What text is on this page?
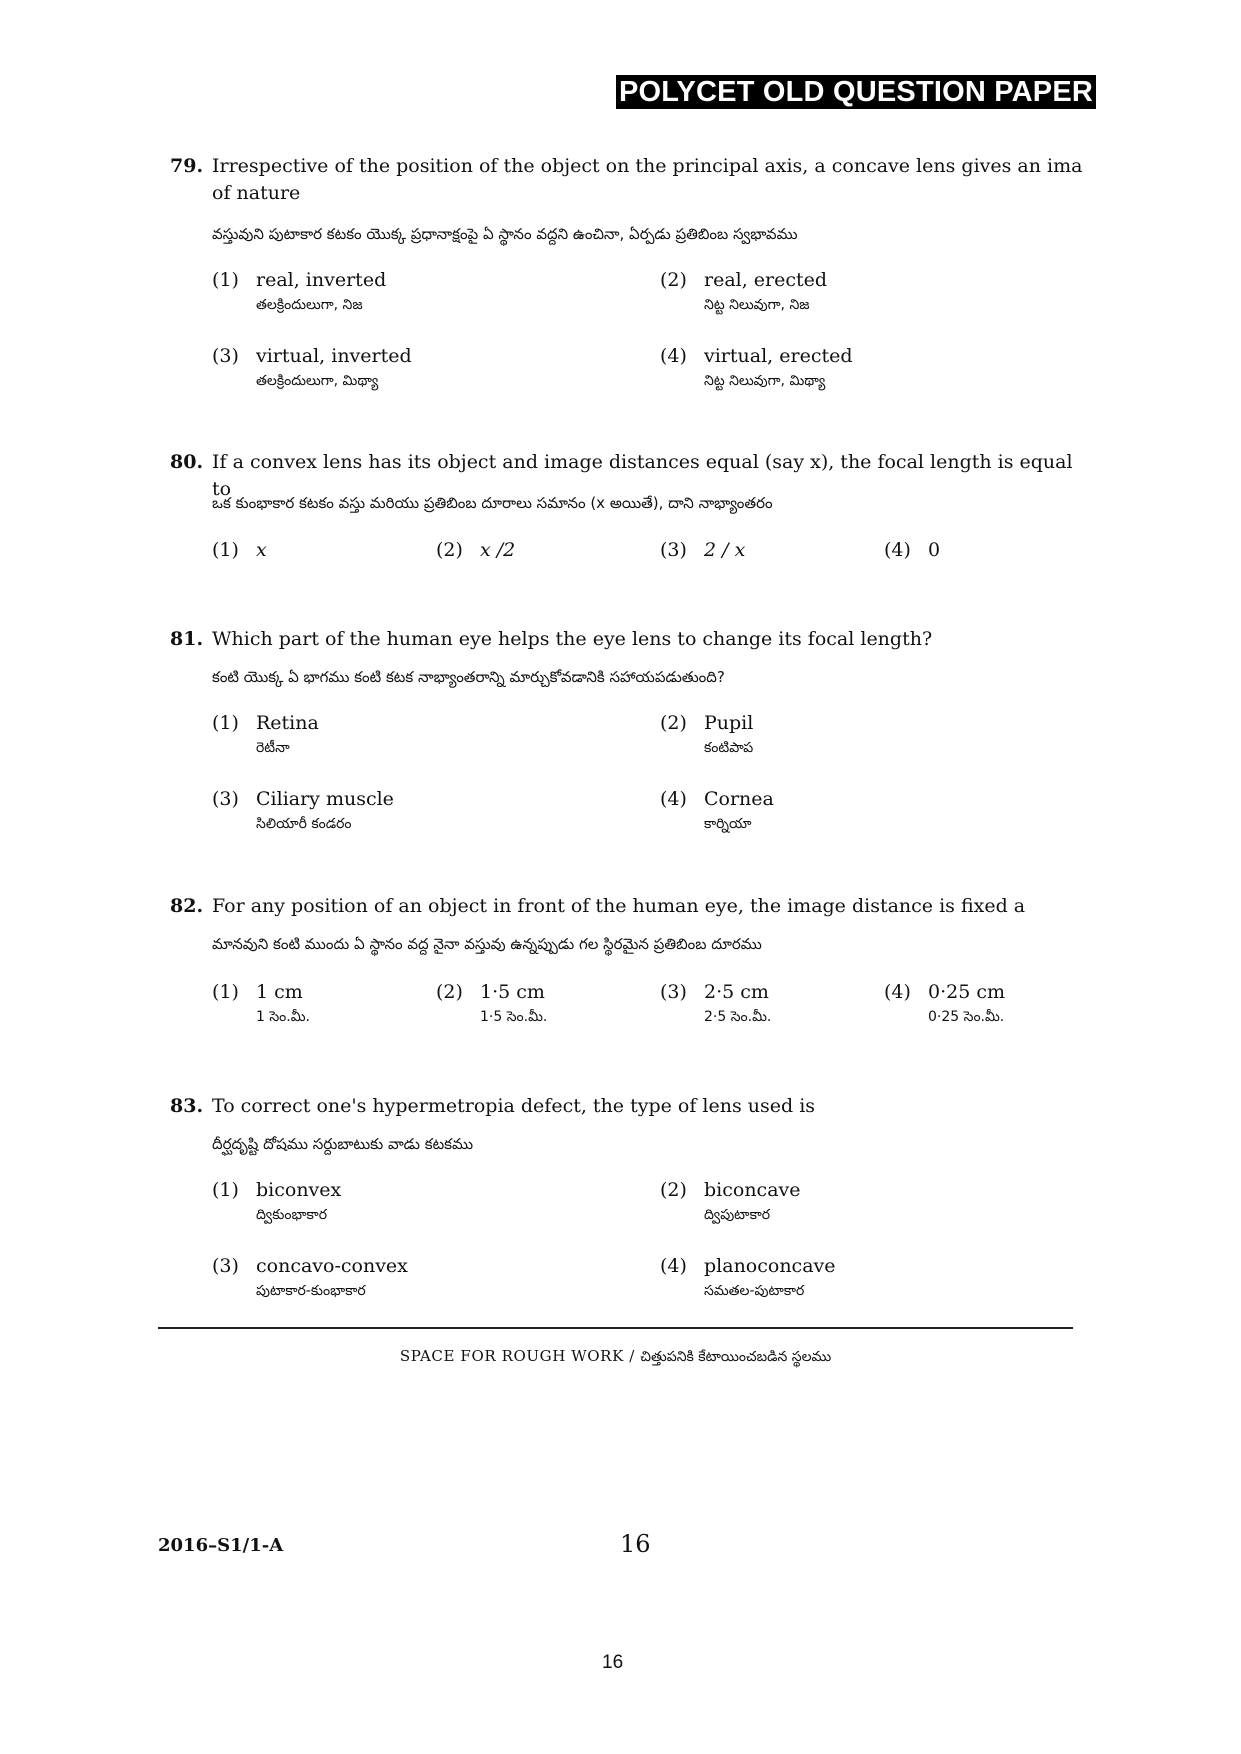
POLYCET OLD QUESTION PAPER
79. Irrespective of the position of the object on the principal axis, a concave lens gives an ima of nature
వస్తువుని పుటాకార కటకం యొక్క ప్రధానాక్షంపై ఏ స్థానం వద్దని ఉంచినా, ఏర్పడు ప్రతిబింబ స్వభావము
(1) real, inverted
తలక్రిందులుగా, నిజ
(2) real, erected
నిట్ట నిలువుగా, నిజ
(3) virtual, inverted
తలక్రిందులుగా, మిథ్యా
(4) virtual, erected
నిట్ట నిలువుగా, మిథ్యా
80. If a convex lens has its object and image distances equal (say x), the focal length is equal to
ఒక కుంభాకార కటకం వస్తు మరియు ప్రతిబింబ దూరాలు సమానం (x అయితే), దాని నాభ్యాంతరం
(1) x	(2) x /2	(3) 2 / x	(4) 0
81. Which part of the human eye helps the eye lens to change its focal length?
కంటి యొక్క ఏ భాగము కంటి కటక నాభ్యాంతరాన్ని మార్చుకోవడానికి సహాయపడుతుంది?
(1) Retina
రెటీనా
(2) Pupil
కంటిపాప
(3) Ciliary muscle
సిలియారీ కండరం
(4) Cornea
కార్నియా
82. For any position of an object in front of the human eye, the image distance is fixed a
మానవుని కంటి ముందు ఏ స్థానం వద్ద నైనా వస్తువు ఉన్నప్పుడు గల స్థిరమైన ప్రతిబింబ దూరము
(1) 1 cm
1 సెం.మీ.
(2) 1·5 cm
1·5 సెం.మీ.
(3) 2·5 cm
2·5 సెం.మీ.
(4) 0·25 cm
0·25 సెం.మీ.
83. To correct one's hypermetropia defect, the type of lens used is
దీర్ఘదృష్టి దోషము సర్దుబాటుకు వాడు కటకము
(1) biconvex
ద్వికుంభాకార
(2) biconcave
ద్విపుటాకార
(3) concavo-convex
పుటాకార-కుంభాకార
(4) planoconcave
సమతల-పుటాకార
SPACE FOR ROUGH WORK / చిత్తుపనికి కేటాయించబడిన స్థలము
2016–S1/1-A	16
16
